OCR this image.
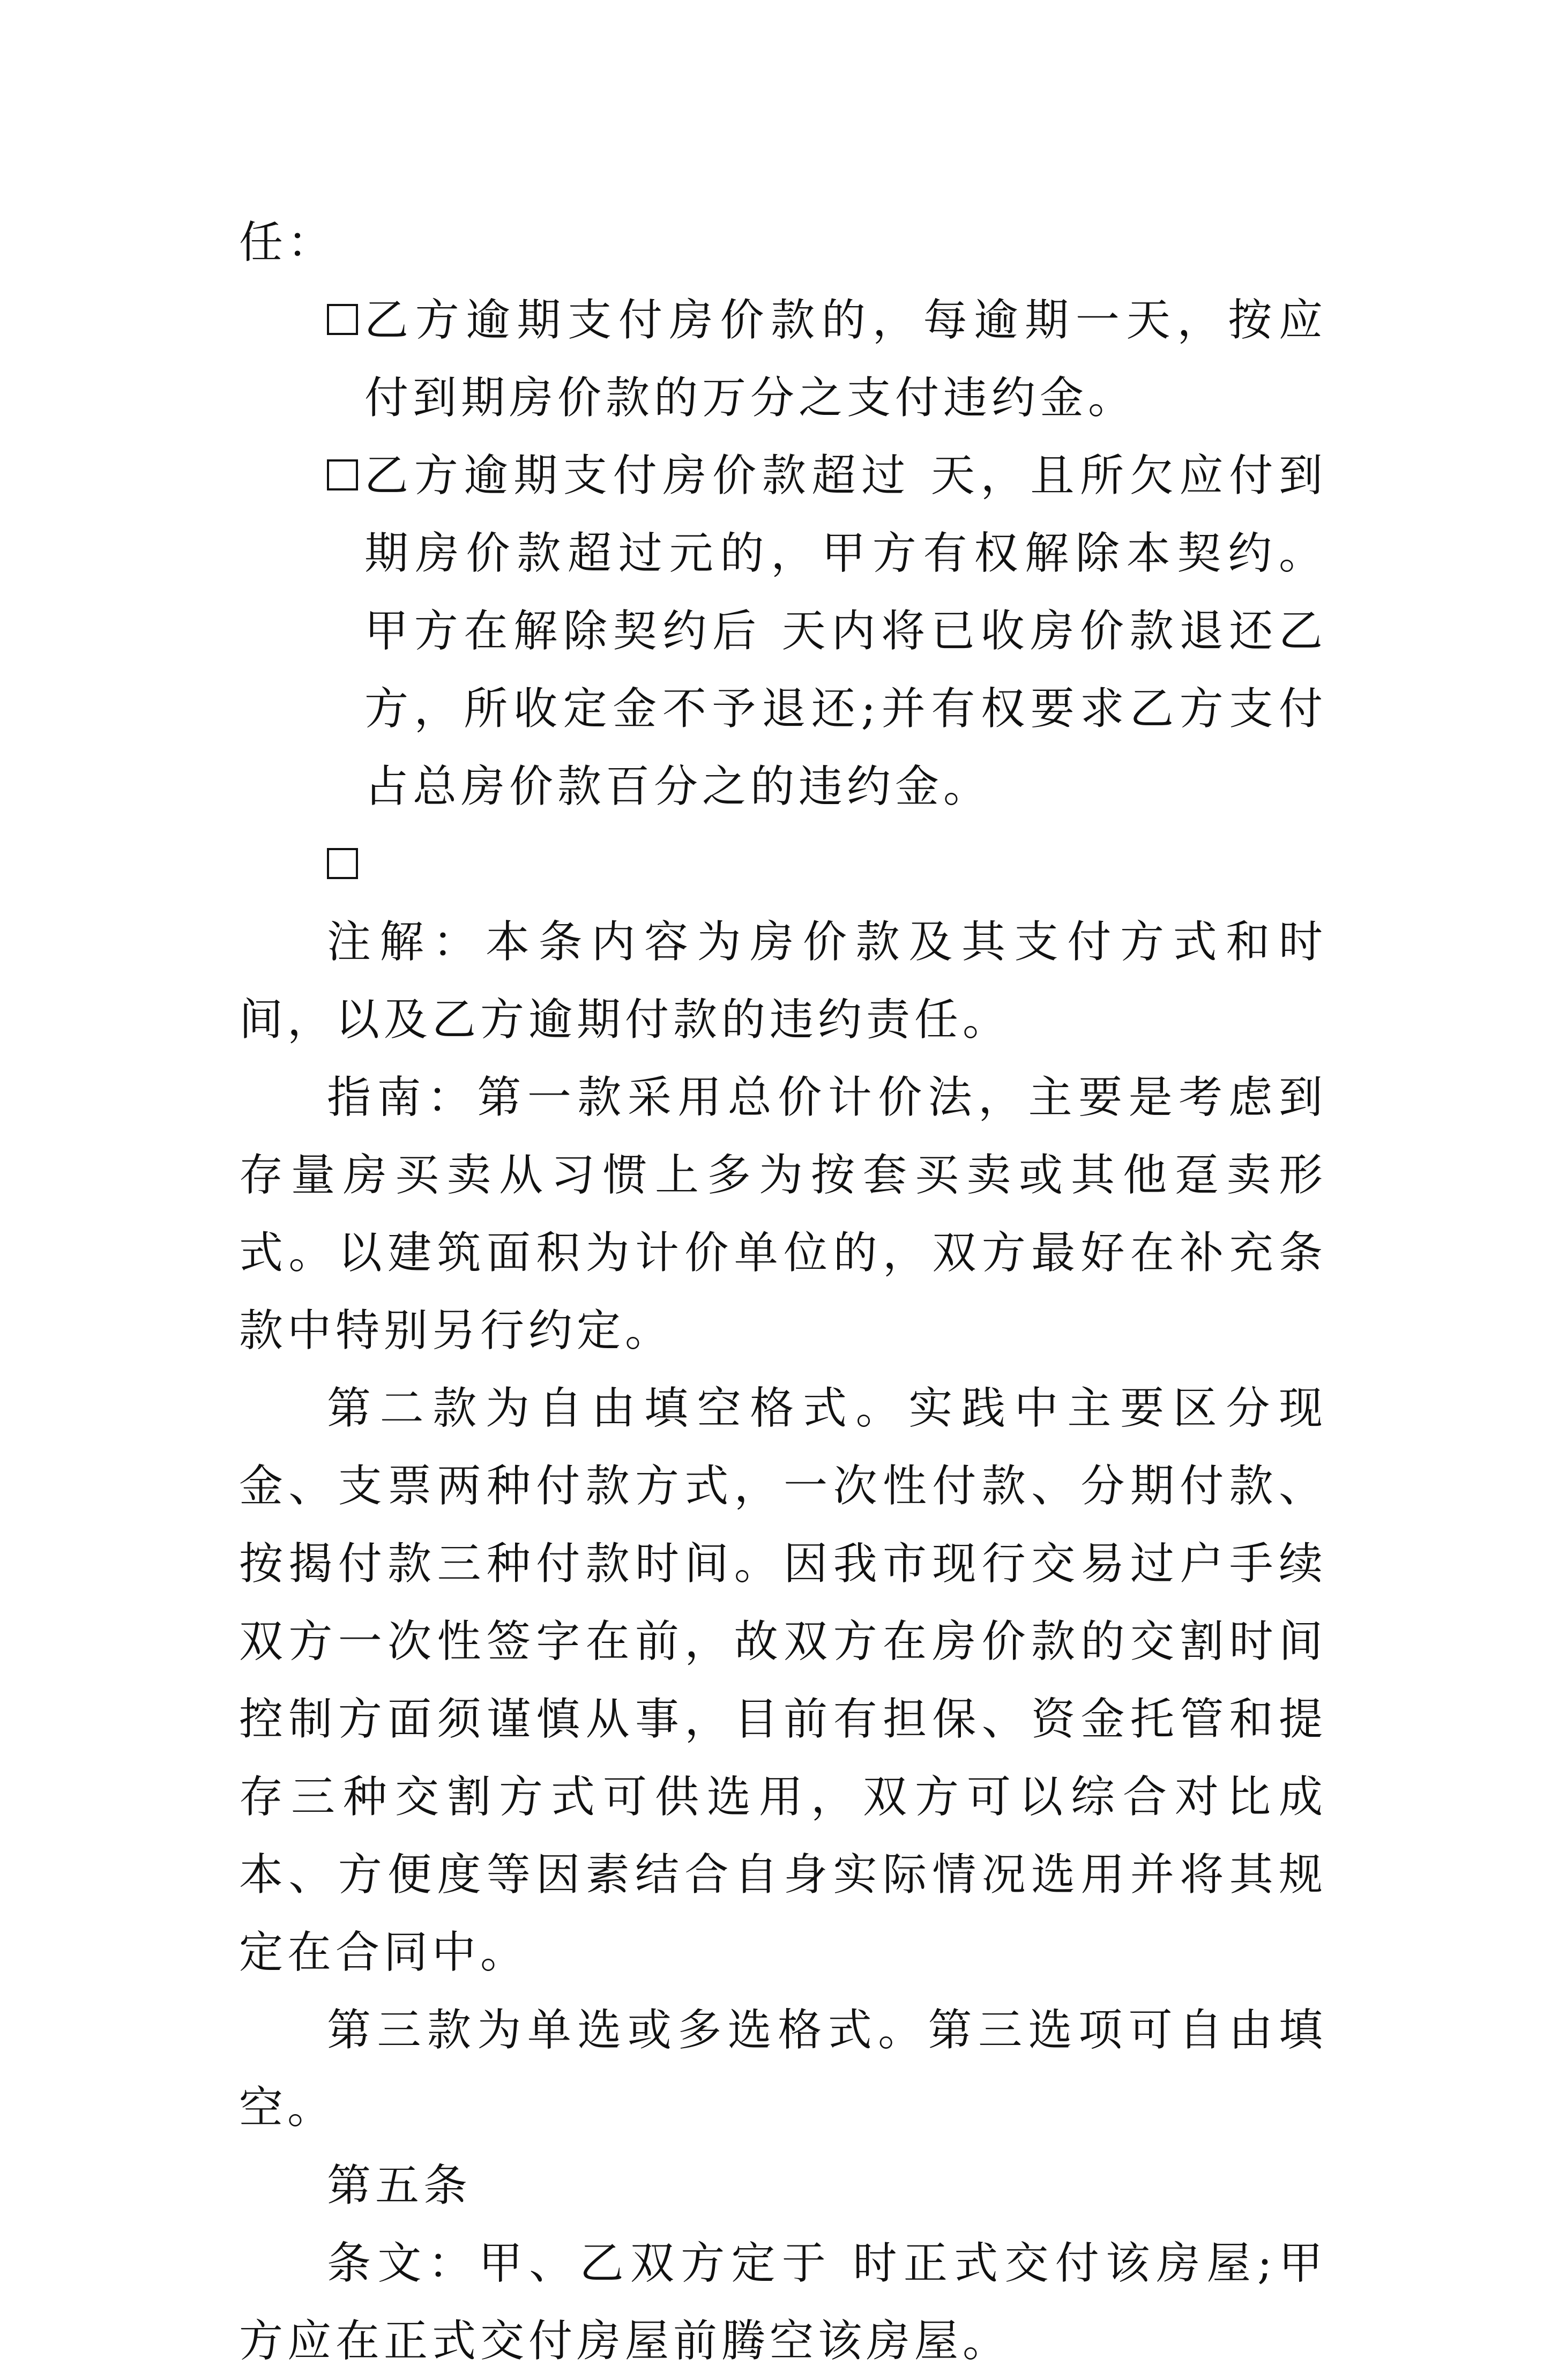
任：

乙方逾期支付房价款的，每逾期一天，按应付到期房价款的万分之支付违约金。
乙方逾期支付房价款超过 天，且所欠应付到期房价款超过元的，甲方有权解除本契约。甲方在解除契约后 天内将已收房价款退还乙方，所收定金不予退还;并有权要求乙方支付占总房价款百分之的违约金。

注解：本条内容为房价款及其支付方式和时间，以及乙方逾期付款的违约责任。

指南：第一款采用总价计价法，主要是考虑到存量房买卖从习惯上多为按套买卖或其他趸卖形式。以建筑面积为计价单位的，双方最好在补充条款中特别另行约定。

第二款为自由填空格式。实践中主要区分现金、支票两种付款方式，一次性付款、分期付款、按揭付款三种付款时间。因我市现行交易过户手续双方一次性签字在前，故双方在房价款的交割时间控制方面须谨慎从事，目前有担保、资金托管和提存三种交割方式可供选用，双方可以综合对比成本、方便度等因素结合自身实际情况选用并将其规定在合同中。

第三款为单选或多选格式。第三选项可自由填空。

第五条

条文：甲、乙双方定于 时正式交付该房屋;甲方应在正式交付房屋前腾空该房屋。
